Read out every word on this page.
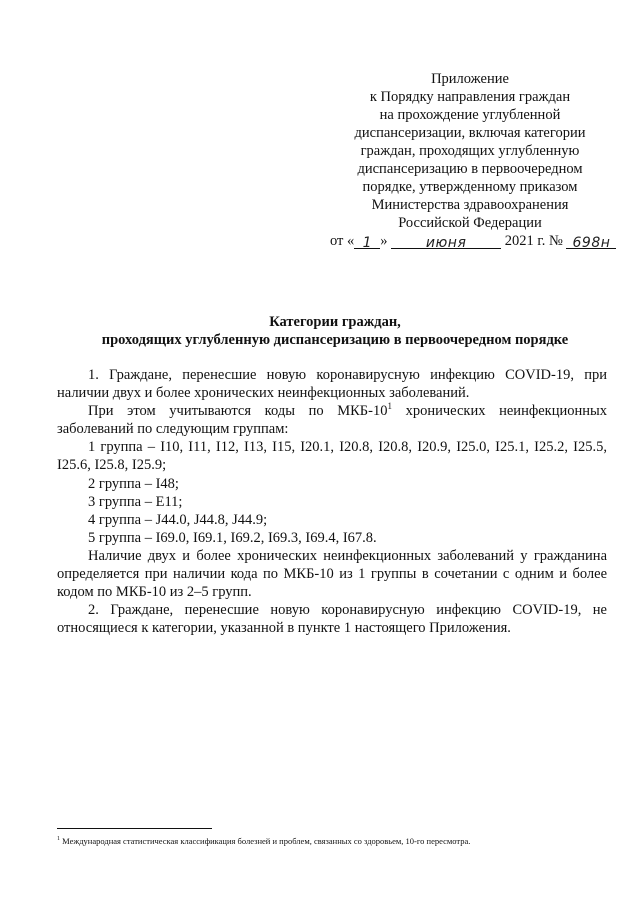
Приложение
к Порядку направления граждан
на прохождение углубленной
диспансеризации, включая категории
граждан, проходящих углубленную
диспансеризацию в первоочередном
порядке, утвержденному приказом
Министерства здравоохранения
Российской Федерации
от « 1 »	июня	2021 г. № 698н
Категории граждан,
проходящих углубленную диспансеризацию в первоочередном порядке

1. Граждане, перенесшие новую коронавирусную инфекцию COVID-19, при наличии двух и более хронических неинфекционных заболеваний.

При этом учитываются коды по МКБ-$10^1$ хронических неинфекционных заболеваний по следующим группам:

1 группа – I10, I11, I12, I13, I15, I20.1, I20.8, I20.8, I20.9, I25.0, I25.1, I25.2, I25.5, I25.6, I25.8, I25.9;

2 группа – I48;

3 группа – E11;

4 группа – J44.0, J44.8, J44.9;

5 группа – I69.0, I69.1, I69.2, I69.3, I69.4, I67.8.

Наличие двух и более хронических неинфекционных заболеваний у гражданина определяется при наличии кода по МКБ-10 из 1 группы в сочетании с одним и более кодом по МКБ-10 из 2–5 групп.

2. Граждане, перенесшие новую коронавирусную инфекцию COVID-19, не относящиеся к категории, указанной в пункте 1 настоящего Приложения.

$^1$ Международная статистическая классификация болезней и проблем, связанных со здоровьем, 10-го пересмотра.
